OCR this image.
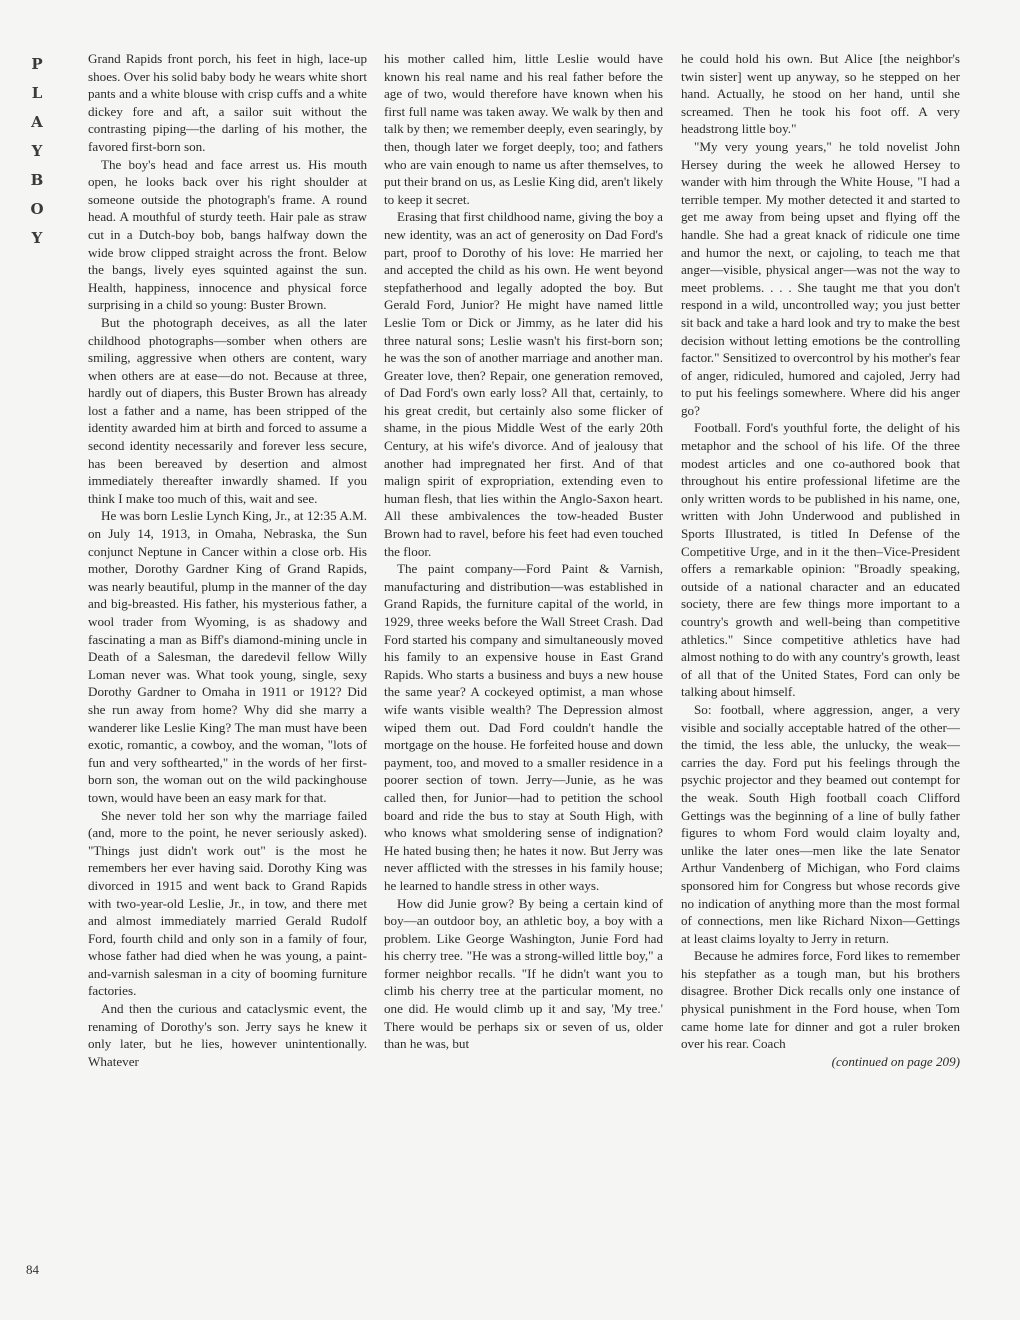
P
L
A
Y
B
O
Y
84

Grand Rapids front porch, his feet in high, lace-up shoes. Over his solid baby body he wears white short pants and a white blouse with crisp cuffs and a white dickey fore and aft, a sailor suit without the contrasting piping—the darling of his mother, the favored first-born son.

The boy's head and face arrest us. His mouth open, he looks back over his right shoulder at someone outside the photograph's frame. A round head. A mouthful of sturdy teeth. Hair pale as straw cut in a Dutch-boy bob, bangs halfway down the wide brow clipped straight across the front. Below the bangs, lively eyes squinted against the sun. Health, happiness, innocence and physical force surprising in a child so young: Buster Brown.

But the photograph deceives, as all the later childhood photographs—somber when others are smiling, aggressive when others are content, wary when others are at ease—do not. Because at three, hardly out of diapers, this Buster Brown has already lost a father and a name, has been stripped of the identity awarded him at birth and forced to assume a second identity necessarily and forever less secure, has been bereaved by desertion and almost immediately thereafter inwardly shamed. If you think I make too much of this, wait and see.

He was born Leslie Lynch King, Jr., at 12:35 A.M. on July 14, 1913, in Omaha, Nebraska, the Sun conjunct Neptune in Cancer within a close orb. His mother, Dorothy Gardner King of Grand Rapids, was nearly beautiful, plump in the manner of the day and big-breasted. His father, his mysterious father, a wool trader from Wyoming, is as shadowy and fascinating a man as Biff's diamond-mining uncle in Death of a Salesman, the daredevil fellow Willy Loman never was. What took young, single, sexy Dorothy Gardner to Omaha in 1911 or 1912? Did she run away from home? Why did she marry a wanderer like Leslie King? The man must have been exotic, romantic, a cowboy, and the woman, "lots of fun and very softhearted," in the words of her first-born son, the woman out on the wild packinghouse town, would have been an easy mark for that.

She never told her son why the marriage failed (and, more to the point, he never seriously asked). "Things just didn't work out" is the most he remembers her ever having said. Dorothy King was divorced in 1915 and went back to Grand Rapids with two-year-old Leslie, Jr., in tow, and there met and almost immediately married Gerald Rudolf Ford, fourth child and only son in a family of four, whose father had died when he was young, a paint-and-varnish salesman in a city of booming furniture factories.

And then the curious and cataclysmic event, the renaming of Dorothy's son. Jerry says he knew it only later, but he lies, however unintentionally. Whatever

his mother called him, little Leslie would have known his real name and his real father before the age of two, would therefore have known when his first full name was taken away. We walk by then and talk by then; we remember deeply, even searingly, by then, though later we forget deeply, too; and fathers who are vain enough to name us after themselves, to put their brand on us, as Leslie King did, aren't likely to keep it secret.

Erasing that first childhood name, giving the boy a new identity, was an act of generosity on Dad Ford's part, proof to Dorothy of his love: He married her and accepted the child as his own. He went beyond stepfatherhood and legally adopted the boy. But Gerald Ford, Junior? He might have named little Leslie Tom or Dick or Jimmy, as he later did his three natural sons; Leslie wasn't his first-born son; he was the son of another marriage and another man. Greater love, then? Repair, one generation removed, of Dad Ford's own early loss? All that, certainly, to his great credit, but certainly also some flicker of shame, in the pious Middle West of the early 20th Century, at his wife's divorce. And of jealousy that another had impregnated her first. And of that malign spirit of expropriation, extending even to human flesh, that lies within the Anglo-Saxon heart. All these ambivalences the tow-headed Buster Brown had to ravel, before his feet had even touched the floor.

The paint company—Ford Paint & Varnish, manufacturing and distribution—was established in Grand Rapids, the furniture capital of the world, in 1929, three weeks before the Wall Street Crash. Dad Ford started his company and simultaneously moved his family to an expensive house in East Grand Rapids. Who starts a business and buys a new house the same year? A cockeyed optimist, a man whose wife wants visible wealth? The Depression almost wiped them out. Dad Ford couldn't handle the mortgage on the house. He forfeited house and down payment, too, and moved to a smaller residence in a poorer section of town. Jerry—Junie, as he was called then, for Junior—had to petition the school board and ride the bus to stay at South High, with who knows what smoldering sense of indignation? He hated busing then; he hates it now. But Jerry was never afflicted with the stresses in his family house; he learned to handle stress in other ways.

How did Junie grow? By being a certain kind of boy—an outdoor boy, an athletic boy, a boy with a problem. Like George Washington, Junie Ford had his cherry tree. "He was a strong-willed little boy," a former neighbor recalls. "If he didn't want you to climb his cherry tree at the particular moment, no one did. He would climb up it and say, 'My tree.' There would be perhaps six or seven of us, older than he was, but

he could hold his own. But Alice [the neighbor's twin sister] went up anyway, so he stepped on her hand. Actually, he stood on her hand, until she screamed. Then he took his foot off. A very headstrong little boy."

"My very young years," he told novelist John Hersey during the week he allowed Hersey to wander with him through the White House, "I had a terrible temper. My mother detected it and started to get me away from being upset and flying off the handle. She had a great knack of ridicule one time and humor the next, or cajoling, to teach me that anger—visible, physical anger—was not the way to meet problems. . . . She taught me that you don't respond in a wild, uncontrolled way; you just better sit back and take a hard look and try to make the best decision without letting emotions be the controlling factor." Sensitized to overcontrol by his mother's fear of anger, ridiculed, humored and cajoled, Jerry had to put his feelings somewhere. Where did his anger go?

Football. Ford's youthful forte, the delight of his metaphor and the school of his life. Of the three modest articles and one co-authored book that throughout his entire professional lifetime are the only written words to be published in his name, one, written with John Underwood and published in Sports Illustrated, is titled In Defense of the Competitive Urge, and in it the then–Vice-President offers a remarkable opinion: "Broadly speaking, outside of a national character and an educated society, there are few things more important to a country's growth and well-being than competitive athletics." Since competitive athletics have had almost nothing to do with any country's growth, least of all that of the United States, Ford can only be talking about himself.

So: football, where aggression, anger, a very visible and socially acceptable hatred of the other—the timid, the less able, the unlucky, the weak—carries the day. Ford put his feelings through the psychic projector and they beamed out contempt for the weak. South High football coach Clifford Gettings was the beginning of a line of bully father figures to whom Ford would claim loyalty and, unlike the later ones—men like the late Senator Arthur Vandenberg of Michigan, who Ford claims sponsored him for Congress but whose records give no indication of anything more than the most formal of connections, men like Richard Nixon—Gettings at least claims loyalty to Jerry in return.

Because he admires force, Ford likes to remember his stepfather as a tough man, but his brothers disagree. Brother Dick recalls only one instance of physical punishment in the Ford house, when Tom came home late for dinner and got a ruler broken over his rear. Coach

(continued on page 209)
